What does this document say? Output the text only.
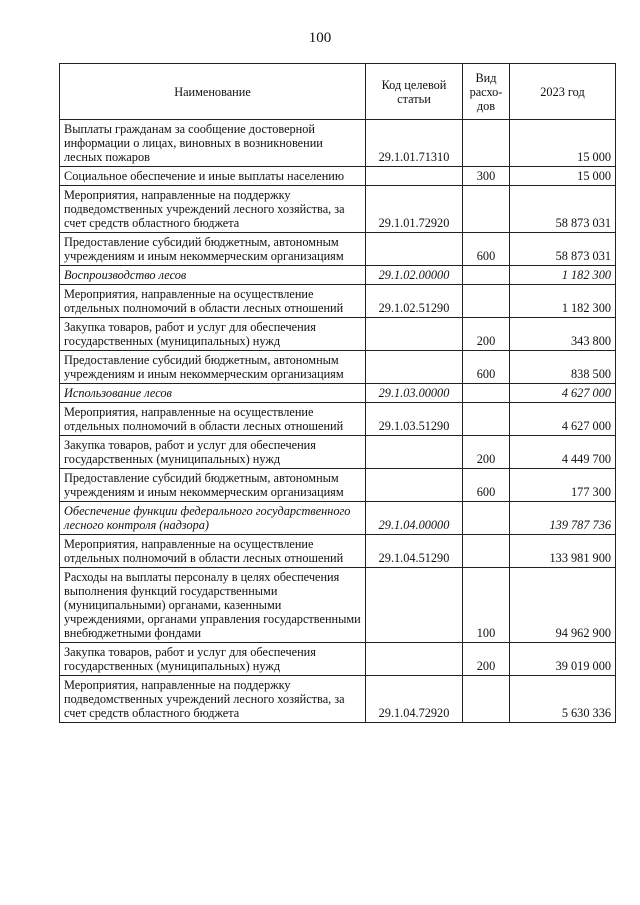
100
Наименование	Код целевой статьи	Вид расхо-дов	2023 год
Выплаты гражданам за сообщение достоверной информации о лицах, виновных в возникновении лесных пожаров	29.1.01.71310		15 000
Социальное обеспечение и иные выплаты населению		300	15 000
Мероприятия, направленные на поддержку подведомственных учреждений лесного хозяйства, за счет средств областного бюджета	29.1.01.72920		58 873 031
Предоставление субсидий бюджетным, автономным учреждениям и иным некоммерческим организациям		600	58 873 031
Воспроизводство лесов	29.1.02.00000		1 182 300
Мероприятия, направленные на осуществление отдельных полномочий в области лесных отношений	29.1.02.51290		1 182 300
Закупка товаров, работ и услуг для обеспечения государственных (муниципальных) нужд		200	343 800
Предоставление субсидий бюджетным, автономным учреждениям и иным некоммерческим организациям		600	838 500
Использование лесов	29.1.03.00000		4 627 000
Мероприятия, направленные на осуществление отдельных полномочий в области лесных отношений	29.1.03.51290		4 627 000
Закупка товаров, работ и услуг для обеспечения государственных (муниципальных) нужд		200	4 449 700
Предоставление субсидий бюджетным, автономным учреждениям и иным некоммерческим организациям		600	177 300
Обеспечение функции федерального государственного лесного контроля (надзора)	29.1.04.00000		139 787 736
Мероприятия, направленные на осуществление отдельных полномочий в области лесных отношений	29.1.04.51290		133 981 900
Расходы на выплаты персоналу в целях обеспечения выполнения функций государственными (муниципальными) органами, казенными учреждениями, органами управления государственными внебюджетными фондами		100	94 962 900
Закупка товаров, работ и услуг для обеспечения государственных (муниципальных) нужд		200	39 019 000
Мероприятия, направленные на поддержку подведомственных учреждений лесного хозяйства, за счет средств областного бюджета	29.1.04.72920		5 630 336
